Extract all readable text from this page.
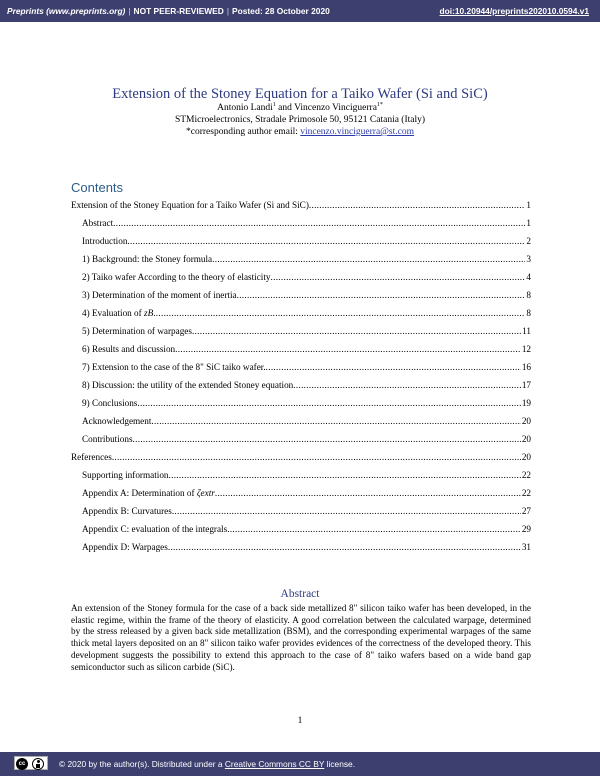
Preprints (www.preprints.org) | NOT PEER-REVIEWED | Posted: 28 October 2020	doi:10.20944/preprints202010.0594.v1
Extension of the Stoney Equation for a Taiko Wafer (Si and SiC)
Antonio Landi$^1$ and Vincenzo Vinciguerra$^{1*}$
STMicroelectronics, Stradale Primosole 50, 95121 Catania (Italy)
*corresponding author email: vincenzo.vinciguerra@st.com
Contents
Extension of the Stoney Equation for a Taiko Wafer (Si and SiC) .....	1
Abstract .....	1
Introduction .....	2
1) Background: the Stoney formula .....	3
2) Taiko wafer According to the theory of elasticity .....	4
3) Determination of the moment of inertia .....	8
4) Evaluation of zB .....	8
5) Determination of warpages .....	11
6) Results and discussion .....	12
7) Extension to the case of the 8" SiC taiko wafer. .....	16
8) Discussion: the utility of the extended Stoney equation .....	17
9) Conclusions .....	19
Acknowledgement .....	20
Contributions .....	20
References .....	20
Supporting information .....	22
Appendix A: Determination of ζextr .....	22
Appendix B: Curvatures .....	27
Appendix C: evaluation of the integrals .....	29
Appendix D: Warpages .....	31
Abstract
An extension of the Stoney formula for the case of a back side metallized 8" silicon taiko wafer has been developed, in the elastic regime, within the frame of the theory of elasticity. A good correlation between the calculated warpage, determined by the stress released by a given back side metallization (BSM), and the corresponding experimental warpages of the same thick metal layers deposited on an 8" silicon taiko wafer provides evidences of the correctness of the developed theory. This development suggests the possibility to extend this approach to the case of 8" taiko wafers based on a wide band gap semiconductor such as silicon carbide (SiC).
1
cc	© 2020 by the author(s). Distributed under a Creative Commons CC BY license.
